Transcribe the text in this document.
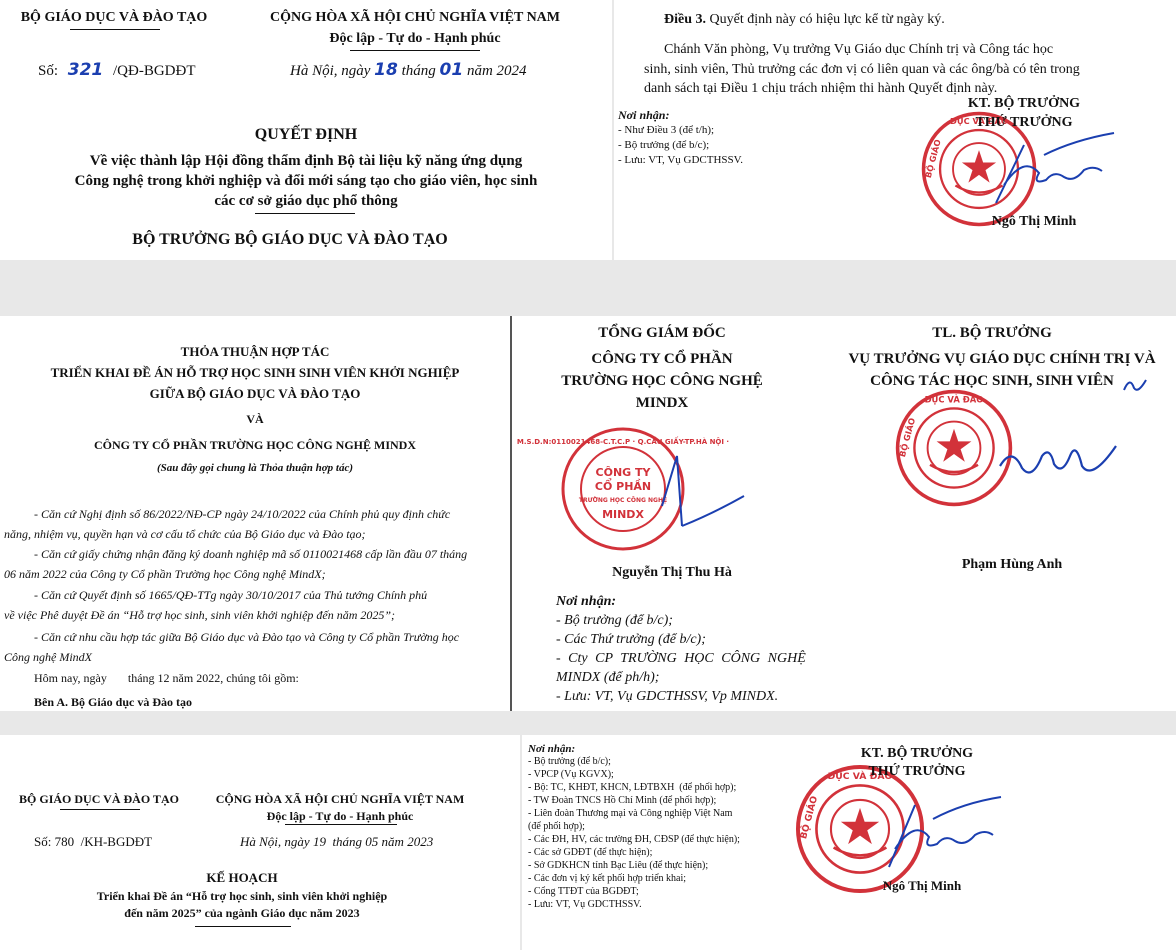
BỘ GIÁO DỤC VÀ ĐÀO TẠO	CỘNG HÒA XÃ HỘI CHỦ NGHĨA VIỆT NAM
Độc lập - Tự do - Hạnh phúc
Số: 321 /QĐ-BGDĐT	Hà Nội, ngày 18 tháng 01 năm 2024
QUYẾT ĐỊNH
Về việc thành lập Hội đồng thẩm định Bộ tài liệu kỹ năng ứng dụng
Công nghệ trong khởi nghiệp và đổi mới sáng tạo cho giáo viên, học sinh
các cơ sở giáo dục phổ thông
BỘ TRƯỞNG BỘ GIÁO DỤC VÀ ĐÀO TẠO
Điều 3. Quyết định này có hiệu lực kể từ ngày ký.
Chánh Văn phòng, Vụ trưởng Vụ Giáo dục Chính trị và Công tác học
sinh, sinh viên, Thủ trưởng các đơn vị có liên quan và các ông/bà có tên trong
danh sách tại Điều 1 chịu trách nhiệm thi hành Quyết định này.
Nơi nhận:
- Như Điều 3 (để t/h);
- Bộ trưởng (để b/c);
- Lưu: VT, Vụ GDCTHSSV.
KT. BỘ TRƯỞNG
THỨ TRƯỞNG
Ngô Thị Minh
THỎA THUẬN HỢP TÁC
TRIỂN KHAI ĐỀ ÁN HỖ TRỢ HỌC SINH SINH VIÊN KHỞI NGHIỆP
GIỮA BỘ GIÁO DỤC VÀ ĐÀO TẠO
VÀ
CÔNG TY CỔ PHẦN TRƯỜNG HỌC CÔNG NGHỆ MINDX
(Sau đây gọi chung là Thỏa thuận hợp tác)
- Căn cứ Nghị định số 86/2022/NĐ-CP ngày 24/10/2022 của Chính phủ quy định chức
năng, nhiệm vụ, quyền hạn và cơ cấu tổ chức của Bộ Giáo dục và Đào tạo;
- Căn cứ giấy chứng nhận đăng ký doanh nghiệp mã số 0110021468 cấp lần đầu 07 tháng
06 năm 2022 của Công ty Cổ phần Trường học Công nghệ MindX;
- Căn cứ Quyết định số 1665/QĐ-TTg ngày 30/10/2017 của Thủ tướng Chính phủ
về việc Phê duyệt Đề án “Hỗ trợ học sinh, sinh viên khởi nghiệp đến năm 2025”;
- Căn cứ nhu cầu hợp tác giữa Bộ Giáo dục và Đào tạo và Công ty Cổ phần Trường học
Công nghệ MindX
Hôm nay, ngày       tháng 12 năm 2022, chúng tôi gồm:
Bên A. Bộ Giáo dục và Đào tạo
TỔNG GIÁM ĐỐC
CÔNG TY CỔ PHẦN
TRƯỜNG HỌC CÔNG NGHỆ
MINDX
TL. BỘ TRƯỞNG
VỤ TRƯỞNG VỤ GIÁO DỤC CHÍNH TRỊ VÀ
CÔNG TÁC HỌC SINH, SINH VIÊN
M.S.D.N:0110021468-C.T.C.P · Q.CẦU GIẤY-TP.HÀ NỘI ·
CÔNG TY
CỔ PHẦN
TRƯỜNG HỌC CÔNG NGHỆ
MINDX
Nguyễn Thị Thu Hà
Phạm Hùng Anh
Nơi nhận:
- Bộ trưởng (để b/c);
- Các Thứ trưởng (để b/c);
- Cty CP TRƯỜNG HỌC CÔNG NGHỆ
MINDX (để ph/h);
- Lưu: VT, Vụ GDCTHSSV, Vp MINDX.
BỘ GIÁO DỤC VÀ ĐÀO TẠO	CỘNG HÒA XÃ HỘI CHỦ NGHĨA VIỆT NAM
Độc lập - Tự do - Hạnh phúc
Số: 780  /KH-BGDĐT	Hà Nội, ngày 19  tháng 05 năm 2023
KẾ HOẠCH
Triển khai Đề án “Hỗ trợ học sinh, sinh viên khởi nghiệp
đến năm 2025” của ngành Giáo dục năm 2023
Nơi nhận:
- Bộ trưởng (để b/c);
- VPCP (Vụ KGVX);
- Bộ: TC, KHĐT, KHCN, LĐTBXH  (để phối hợp);
- TW Đoàn TNCS Hồ Chí Minh (để phối hợp);
- Liên đoàn Thương mại và Công nghiệp Việt Nam
(để phối hợp);
- Các ĐH, HV, các trường ĐH, CĐSP (để thực hiện);
- Các sở GDĐT (để thực hiện);
- Sở GDKHCN tỉnh Bạc Liêu (để thực hiện);
- Các đơn vị ký kết phối hợp triển khai;
- Cổng TTĐT của BGDĐT;
- Lưu: VT, Vụ GDCTHSSV.
KT. BỘ TRƯỞNG
THỨ TRƯỞNG
Ngô Thị Minh
